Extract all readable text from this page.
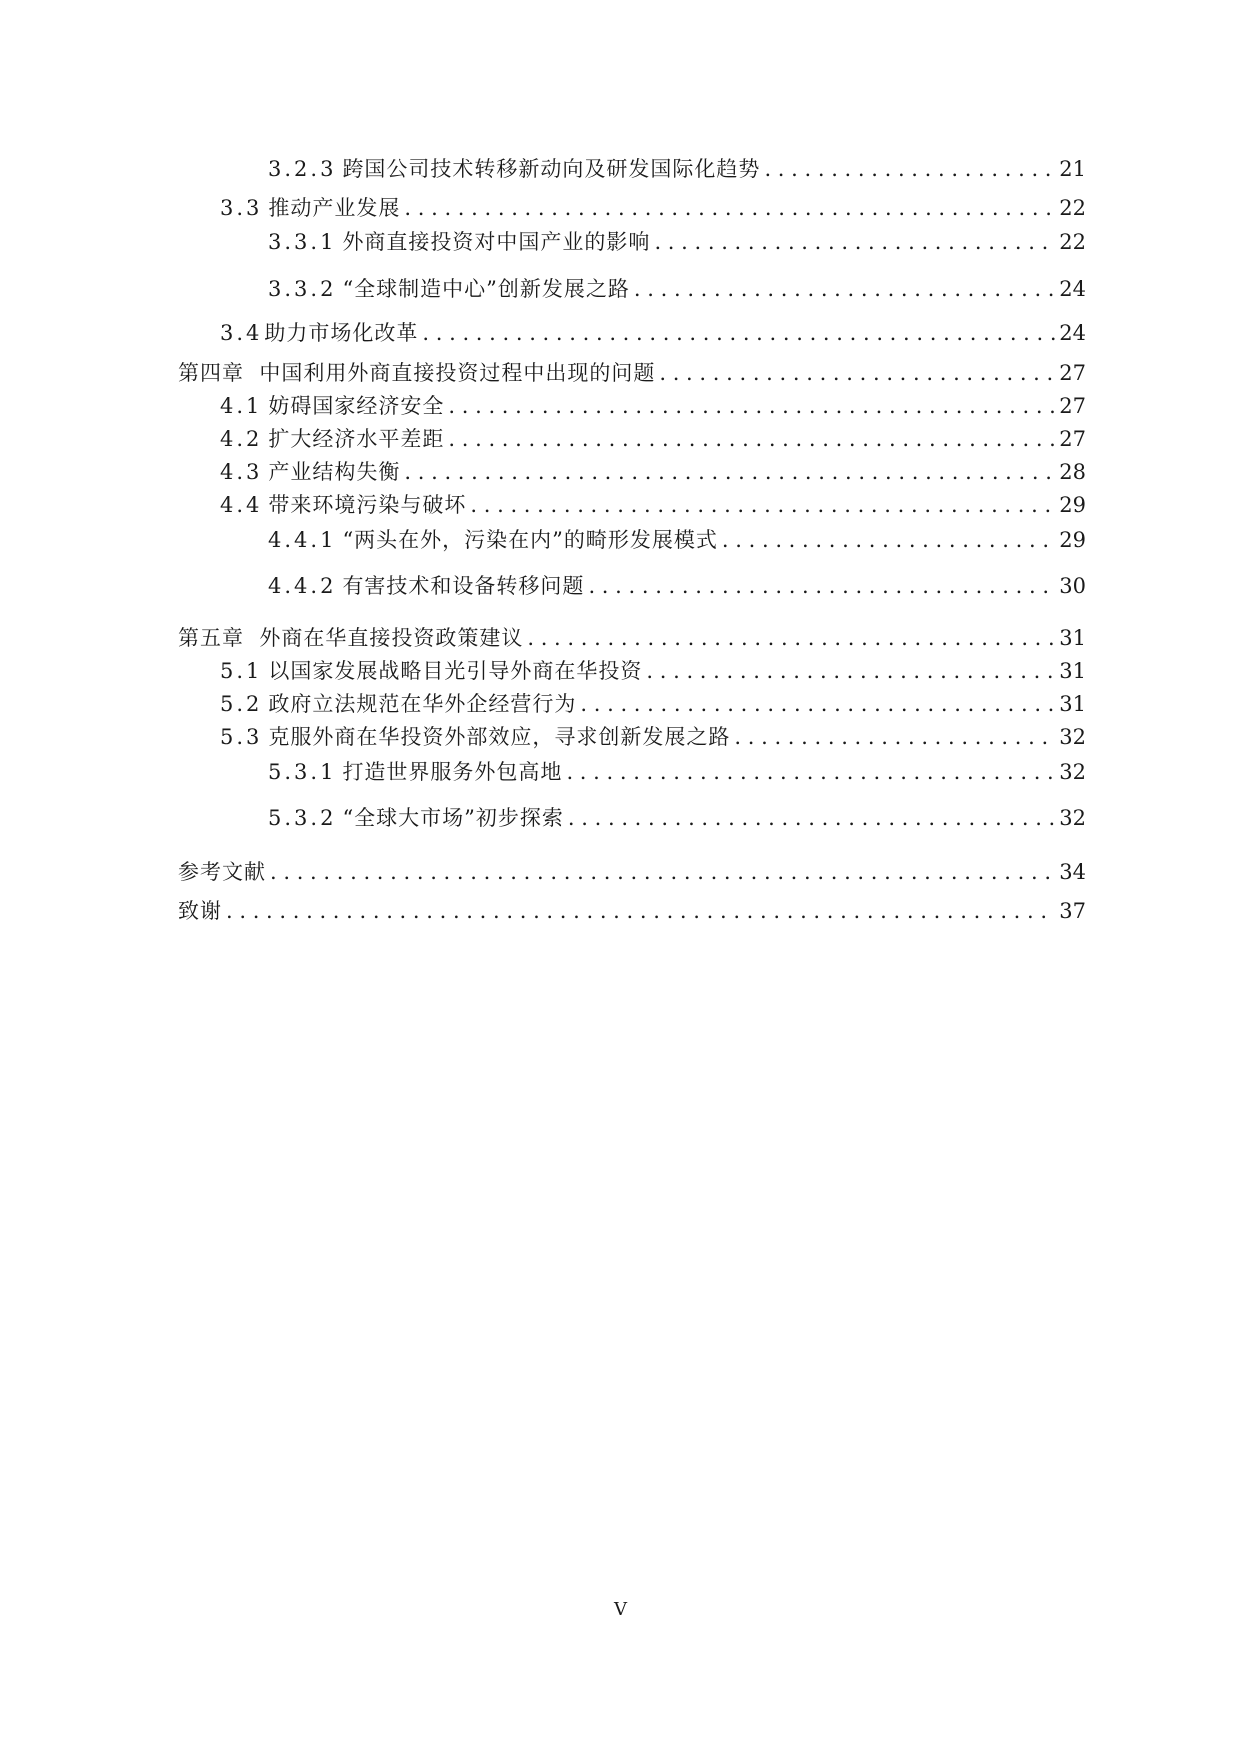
3.2.3 跨国公司技术转移新动向及研发国际化趋势 . . .	21
3.3 推动产业发展 . . .	22
3.3.1 外商直接投资对中国产业的影响 . . .	22
3.3.2 “全球制造中心”创新发展之路 . . .	24
3.4 助力市场化改革 . . .	24
第四章  中国利用外商直接投资过程中出现的问题 . . .	27
4.1 妨碍国家经济安全 . . .	27
4.2 扩大经济水平差距 . . .	27
4.3 产业结构失衡 . . .	28
4.4 带来环境污染与破坏 . . .	29
4.4.1 “两头在外，污染在内”的畸形发展模式 . . .	29
4.4.2 有害技术和设备转移问题 . . .	30
第五章  外商在华直接投资政策建议 . . .	31
5.1 以国家发展战略目光引导外商在华投资 . . .	31
5.2 政府立法规范在华外企经营行为 . . .	31
5.3 克服外商在华投资外部效应，寻求创新发展之路 . . .	32
5.3.1 打造世界服务外包高地 . . .	32
5.3.2 “全球大市场”初步探索 . . .	32
参考文献 . . .	34
致谢 . . .	37
V
